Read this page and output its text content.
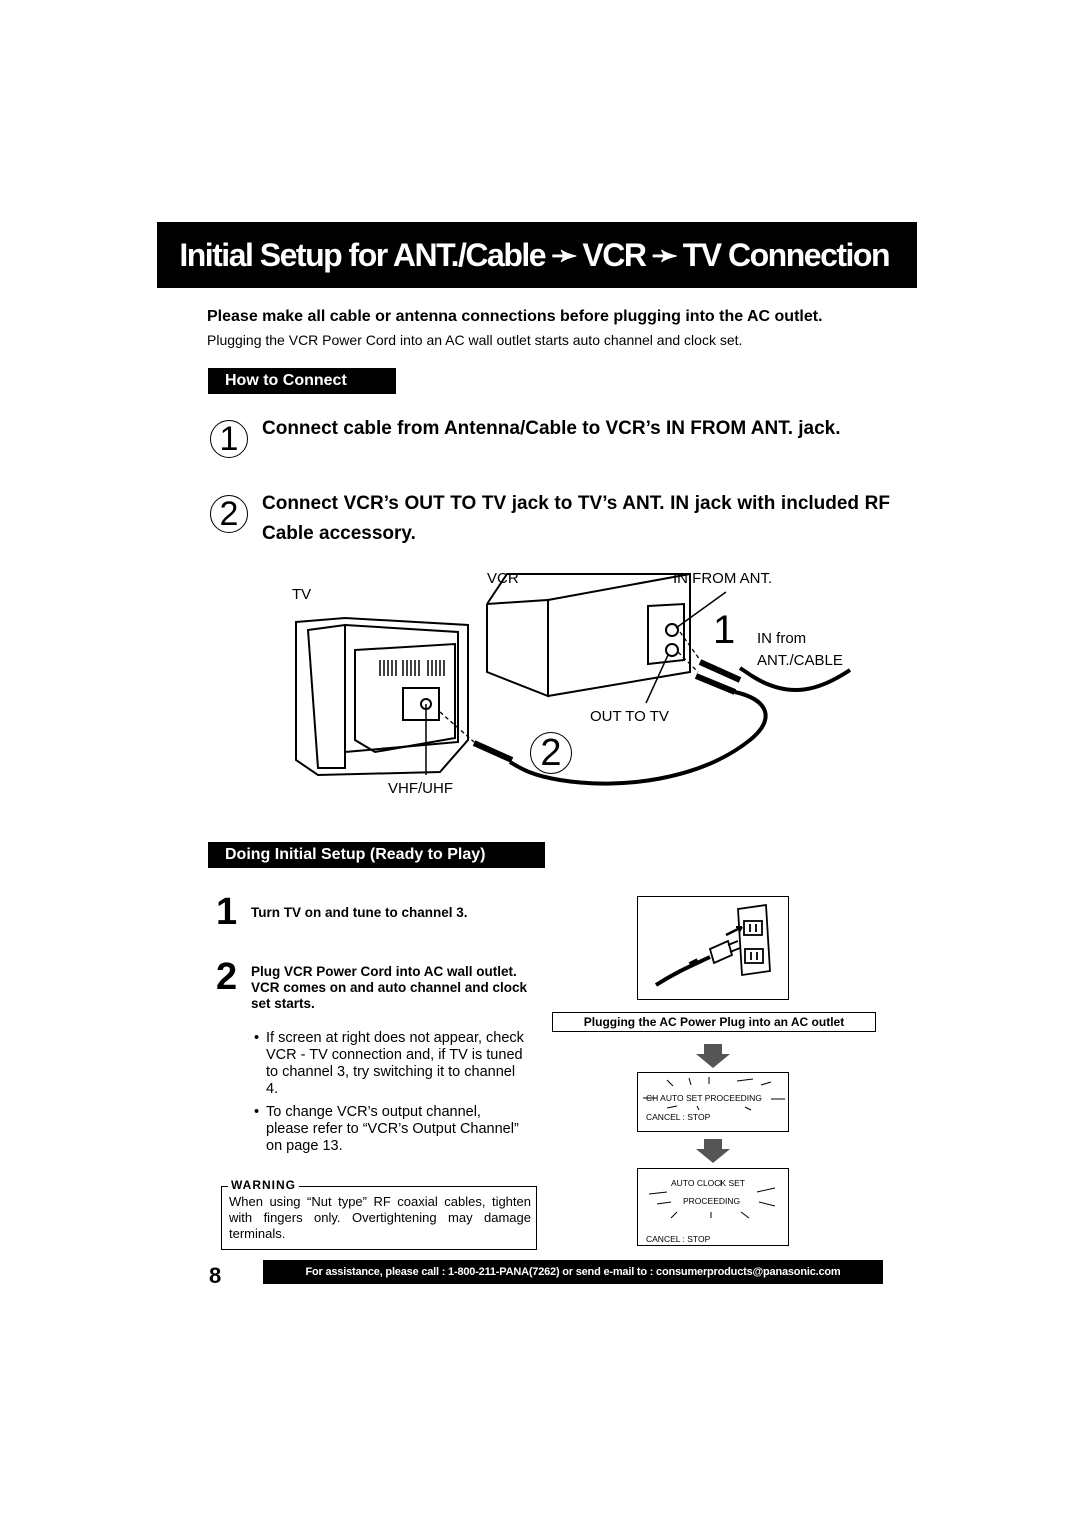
Initial Setup for ANT./Cable ➛ VCR ➛ TV Connection
Please make all cable or antenna connections before plugging into the AC outlet.
Plugging the VCR Power Cord into an AC wall outlet starts auto channel and clock set.
How to Connect
1	Connect cable from Antenna/Cable to VCR’s IN FROM ANT. jack.
2	Connect VCR’s OUT TO TV jack to TV’s ANT. IN jack with included RF Cable accessory.
TV
VCR	IN FROM ANT.
1 IN from
ANT./CABLE
OUT TO TV
2
VHF/UHF
Doing Initial Setup (Ready to Play)
1 Turn TV on and tune to channel 3.
2 Plug VCR Power Cord into AC wall outlet. VCR comes on and auto channel and clock set starts.
• If screen at right does not appear, check VCR - TV connection and, if TV is tuned to channel 3, try switching it to channel 4.
• To change VCR’s output channel, please refer to “VCR’s Output Channel” on page 13.
WARNING
When using “Nut type” RF coaxial cables, tighten with fingers only. Overtightening may damage terminals.
Plugging the AC Power Plug into an AC outlet
CH AUTO SET PROCEEDING
CANCEL : STOP
AUTO CLOCK SET
PROCEEDING
CANCEL : STOP
8	For assistance, please call : 1-800-211-PANA(7262) or send e-mail to : consumerproducts@panasonic.com
